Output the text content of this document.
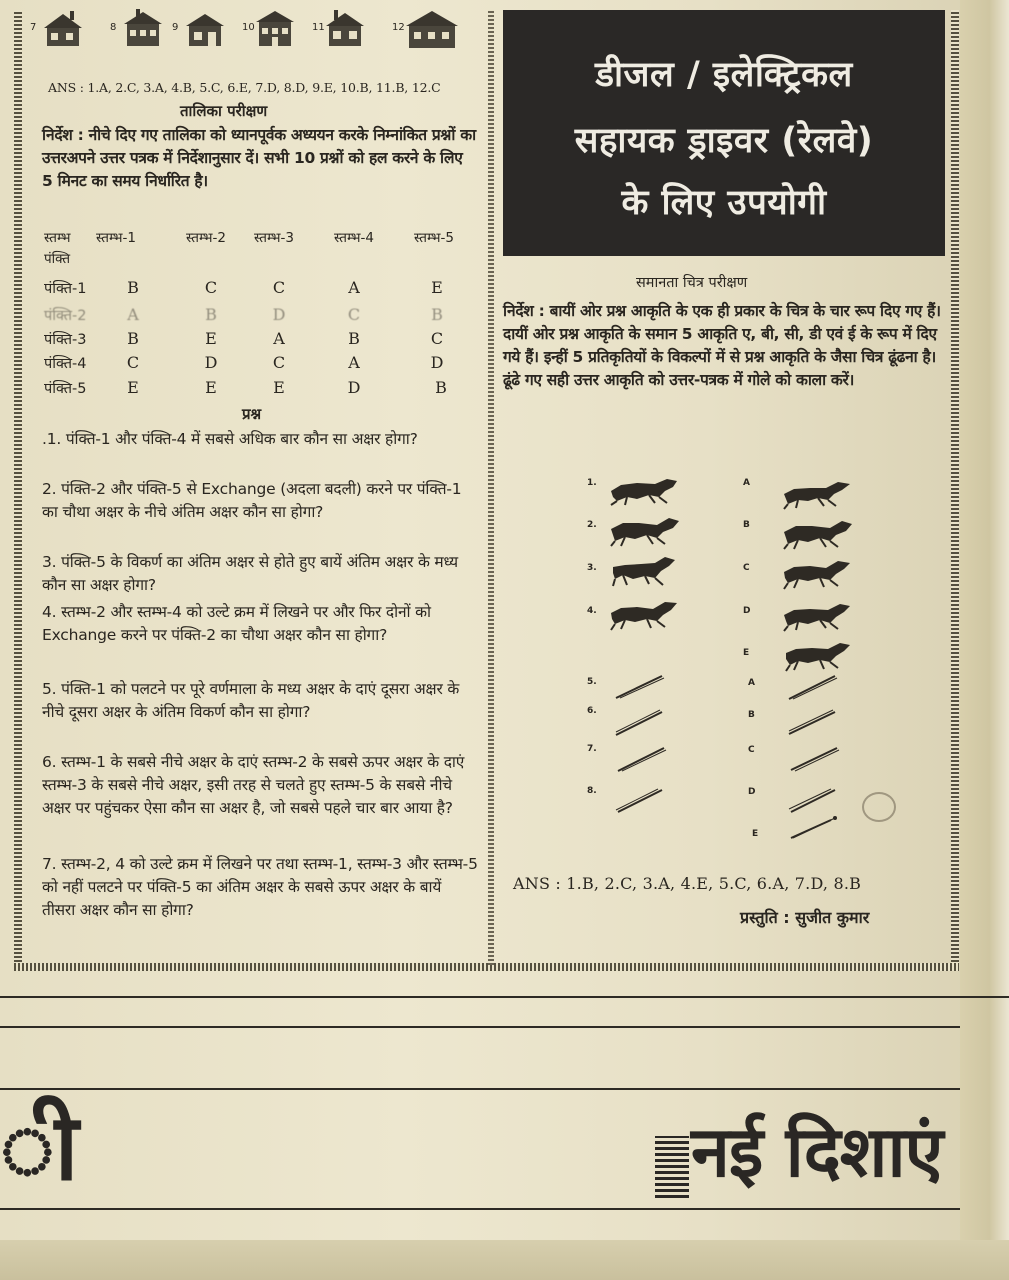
7	8	9	10	11	12
ANS : 1.A, 2.C, 3.A, 4.B, 5.C, 6.E, 7.D, 8.D, 9.E, 10.B, 11.B, 12.C
तालिका परीक्षण
निर्देश : नीचे दिए गए तालिका को ध्यानपूर्वक अध्ययन करके निम्नांकित प्रश्नों का उत्तरअपने उत्तर पत्रक में निर्देशानुसार दें। सभी 10 प्रश्नों को हल करने के लिए 5 मिनट का समय निर्धारित है।
स्तम्भ स्तम्भ-1	स्तम्भ-2 स्तम्भ-3	स्तम्भ-4	स्तम्भ-5
पंक्ति
पंक्ति-1	B	C	C	A	E
पंक्ति-2	A	B	D	C	B
पंक्ति-3	B	E	A	B	C
पंक्ति-4	C	D	C	A	D
पंक्ति-5	E	E	E	D	B
प्रश्न
.1. पंक्ति-1 और पंक्ति-4 में सबसे अधिक बार कौन सा अक्षर होगा?
2. पंक्ति-2 और पंक्ति-5 से Exchange (अदला बदली) करने पर पंक्ति-1 का चौथा अक्षर के नीचे अंतिम अक्षर कौन सा होगा?
3. पंक्ति-5 के विकर्ण का अंतिम अक्षर से होते हुए बायें अंतिम अक्षर के मध्य कौन सा अक्षर होगा?
4. स्तम्भ-2 और स्तम्भ-4 को उल्टे क्रम में लिखने पर और फिर दोनों को Exchange करने पर पंक्ति-2 का चौथा अक्षर कौन सा होगा?
5. पंक्ति-1 को पलटने पर पूरे वर्णमाला के मध्य अक्षर के दाएं दूसरा अक्षर के नीचे दूसरा अक्षर के अंतिम विकर्ण कौन सा होगा?
6. स्तम्भ-1 के सबसे नीचे अक्षर के दाएं स्तम्भ-2 के सबसे ऊपर अक्षर के दाएं स्तम्भ-3 के सबसे नीचे अक्षर, इसी तरह से चलते हुए स्तम्भ-5 के सबसे नीचे अक्षर पर पहुंचकर ऐसा कौन सा अक्षर है, जो सबसे पहले चार बार आया है?
7. स्तम्भ-2, 4 को उल्टे क्रम में लिखने पर तथा स्तम्भ-1, स्तम्भ-3 और स्तम्भ-5 को नहीं पलटने पर पंक्ति-5 का अंतिम अक्षर के सबसे ऊपर अक्षर के बायें तीसरा अक्षर कौन सा होगा?
डीजल / इलेक्ट्रिकल
सहायक ड्राइवर (रेलवे)
के लिए उपयोगी
समानता चित्र परीक्षण
निर्देश : बायीं ओर प्रश्न आकृति के एक ही प्रकार के चित्र के चार रूप दिए गए हैं। दायीं ओर प्रश्न आकृति के समान 5 आकृति ए, बी, सी, डी एवं ई के रूप में दिए गये हैं। इन्हीं 5 प्रतिकृतियों के विकल्पों में से प्रश्न आकृति के जैसा चित्र ढूंढना है। ढूंढे गए सही उत्तर आकृति को उत्तर-पत्रक में गोले को काला करें।
1.
2.
3.
4.
A
B
C
D
E
5.
6.
7.
8.
A
B
C
D
E
ANS : 1.B, 2.C, 3.A, 4.E, 5.C, 6.A, 7.D, 8.B
प्रस्तुति : सुजीत कुमार
ी	नई दिशाएं
